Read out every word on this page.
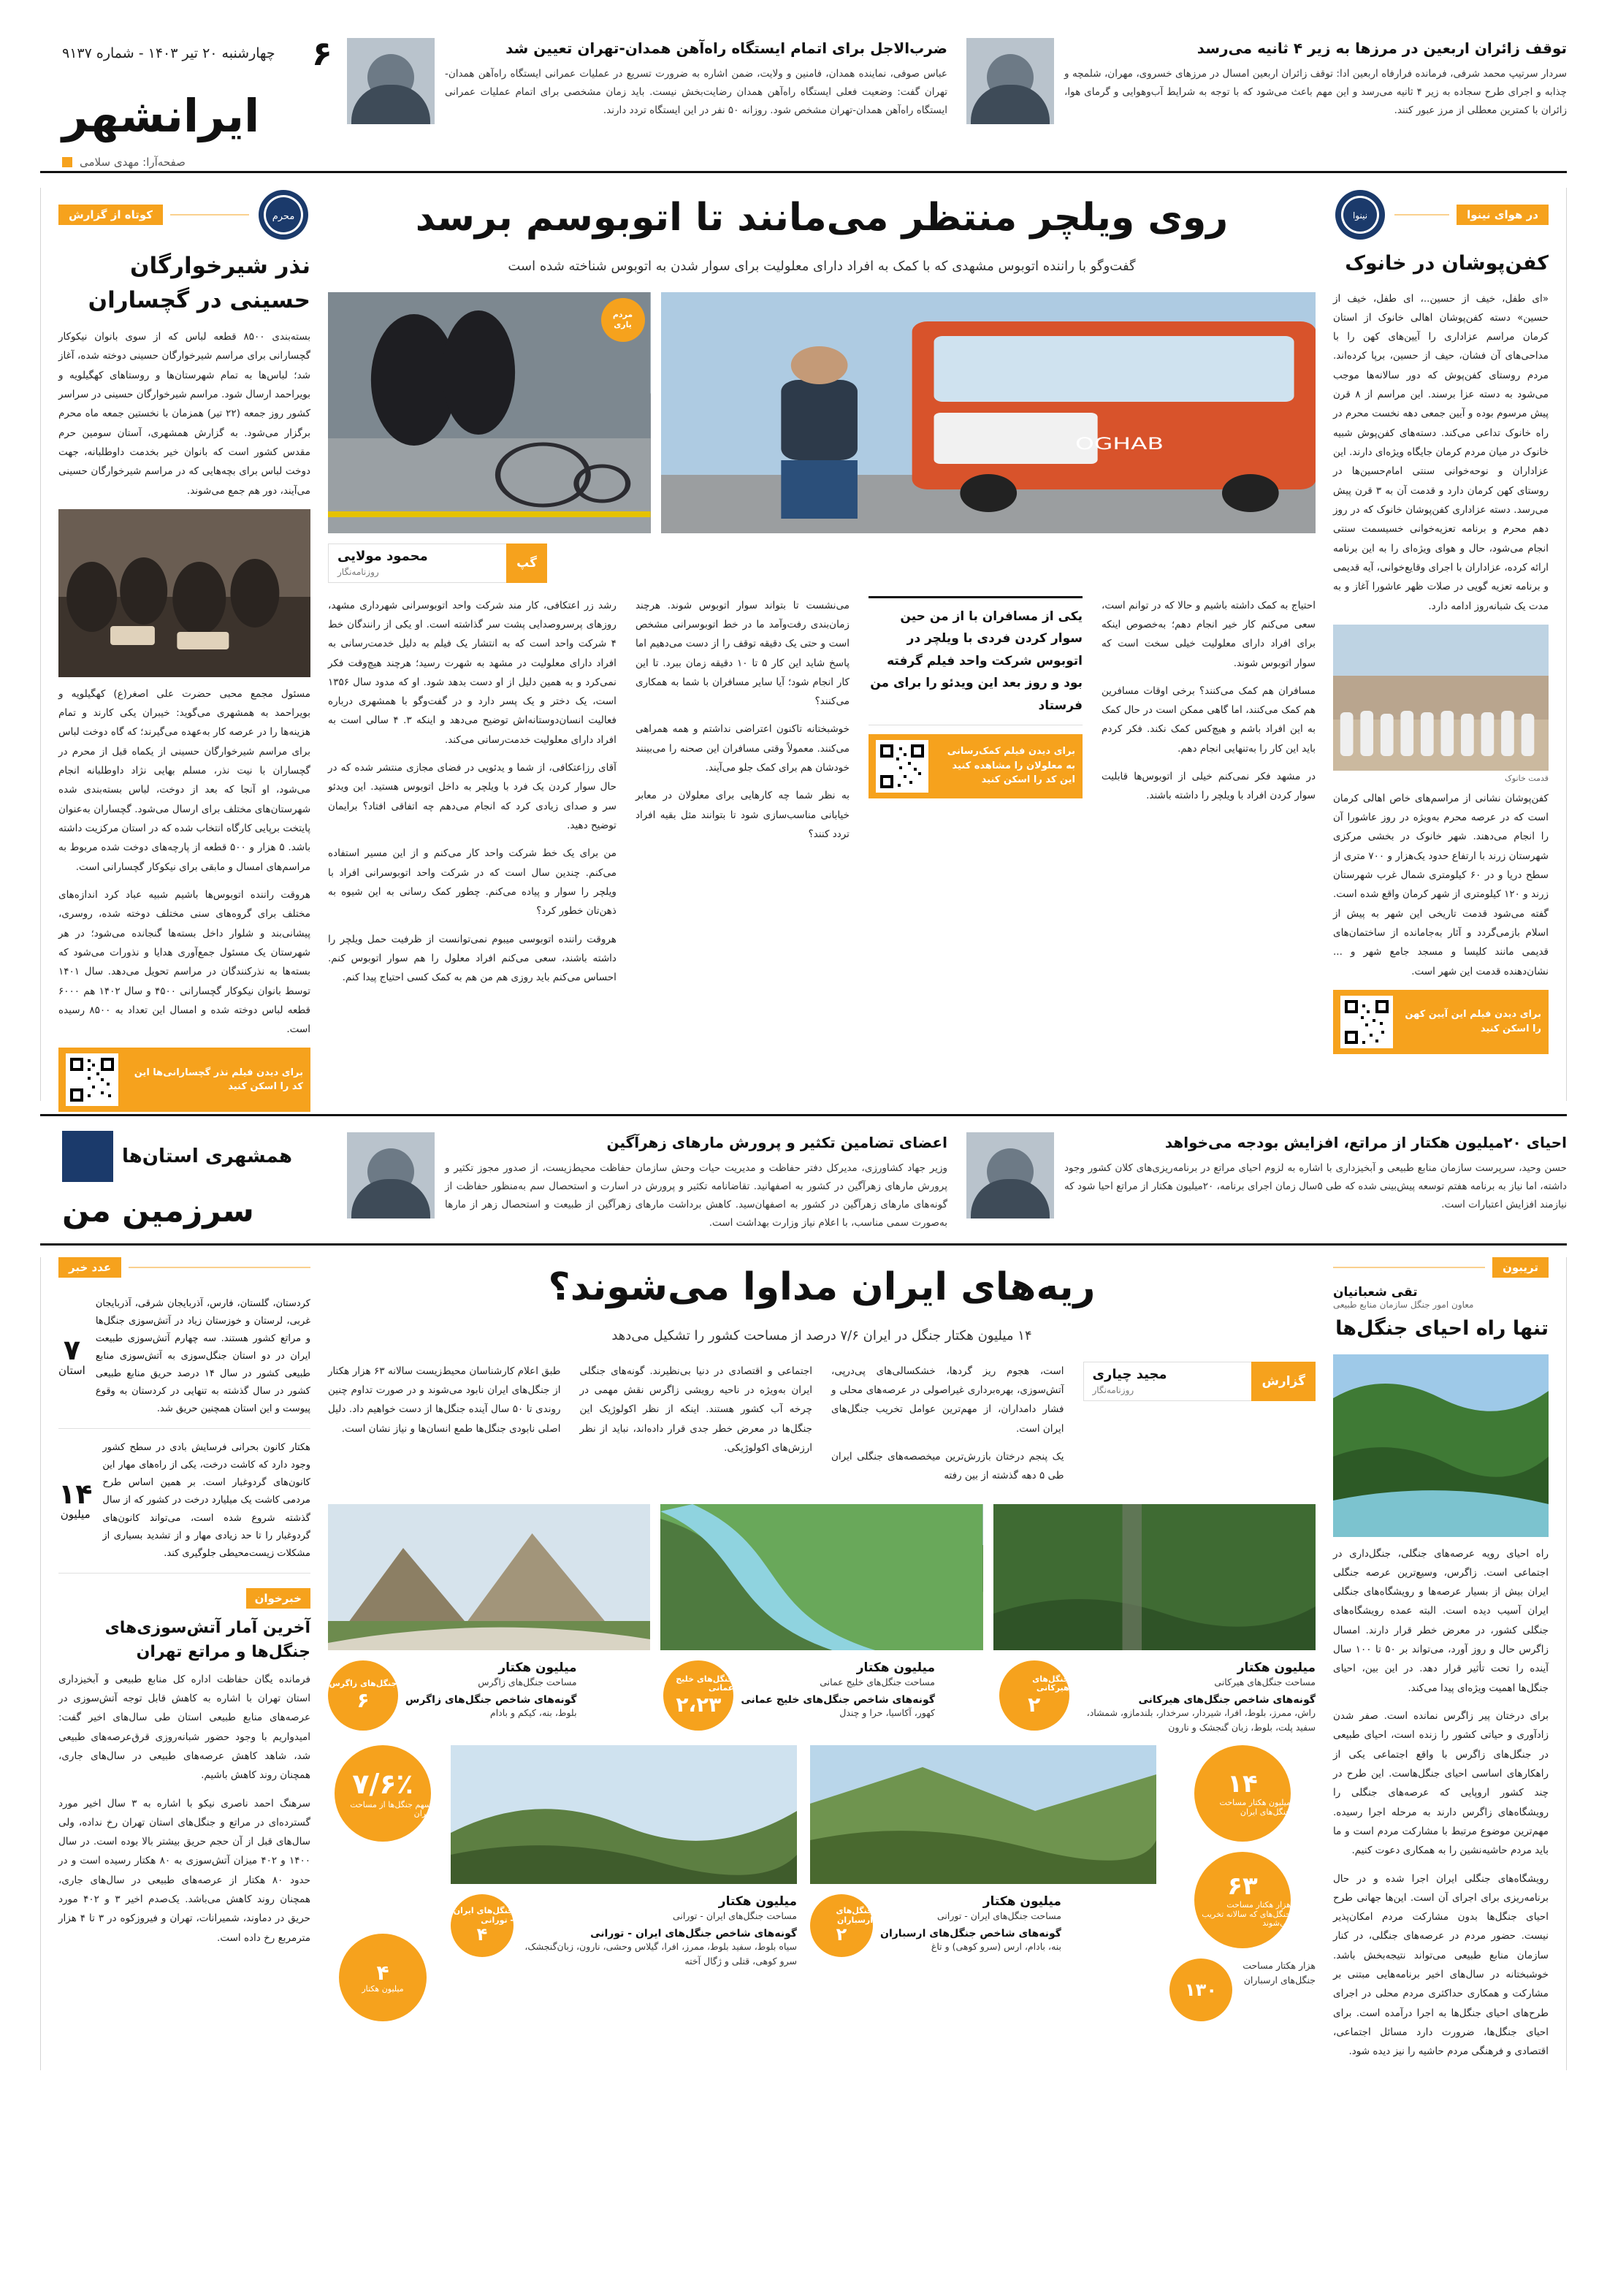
۶
چهارشنبه ۲۰ تیر ۱۴۰۳ - شماره ۹۱۳۷
ایرانشهر
صفحه‌آرا: مهدی سلامی
ضرب‌الاجل برای اتمام ایستگاه راه‌آهن همدان-تهران تعیین شد

عباس صوفی، نماینده همدان، فامنین و ولایت، ضمن اشاره به ضرورت تسریع در عملیات عمرانی ایستگاه راه‌آهن همدان-تهران گفت: وضعیت فعلی ایستگاه راه‌آهن همدان رضایت‌بخش نیست. باید زمان مشخصی برای اتمام عملیات عمرانی ایستگاه راه‌آهن همدان-تهران مشخص شود. روزانه ۵۰ نفر در این ایستگاه تردد دارند.

توقف زائران اربعین در مرزها به زیر ۴ ثانیه می‌رسد

سردار سرتیپ محمد شرفی، فرمانده فرارفاه اربعین ادا: توقف زائران اربعین امسال در مرزهای خسروی، مهران، شلمچه و چذابه و اجرای طرح سجاده به زیر ۴ ثانیه می‌رسد و این مهم باعث می‌شود که با توجه به شرایط آب‌وهوایی و گرمای هوا، زائران با کمترین معطلی از مرز عبور کنند.

کوتاه از گزارش	محرم
نذر شیرخوارگان حسینی در گچساران

بسته‌بندی ۸۵۰۰ قطعه لباس که از سوی بانوان نیکوکار گچسارانی برای مراسم شیرخوارگان حسینی دوخته شده، آغاز شد؛ لباس‌ها به تمام شهرستان‌ها و روستاهای کهگیلویه و بویراحمد ارسال شود. مراسم شیرخوارگان حسینی در سراسر کشور روز جمعه (۲۲ تیر) همزمان با نخستین جمعه ماه محرم برگزار می‌شود. به گزارش همشهری، آستان سومین حرم مقدس کشور است که بانوان خیر بخدمت داوطلبانه، جهت دوخت لباس برای بچه‌هایی که در مراسم شیرخوارگان حسینی می‌آیند، دور هم جمع می‌شوند.

مسئول مجمع محبی حضرت علی اصغر(ع) کهگیلویه و بویراحمد به همشهری می‌گوید: خیبران یکی کارند و تمام هزینه‌ها را در عرصه کار به‌عهده می‌گیرند؛ که گاه دوخت لباس برای مراسم شیرخوارگان حسینی از یکماه قبل از محرم در گچساران با نیت نذر، مسلم بهایی نژاد داوطلبانه انجام می‌شود، او آنجا که بعد از دوخت، لباس بسته‌بندی شده شهرستان‌های مختلف برای ارسال می‌شود. گچساران به‌عنوان پایتخت برپایی کارگاه انتخاب شده که در استان مرکزیت داشته باشد. ۵ هزار و ۵۰۰ قطعه از پارچه‌های دوخت شده مربوط به مراسم‌های امسال و مابقی برای نیکوکار گچسارانی است.

هروقت راننده اتوبوس‌ها باشیم شبیه عباد کرد اندازه‌های مختلف برای گروه‌های سنی مختلف دوخته شده، روسری، پیشانی‌بند و شلوار داخل بسته‌ها گنجانده می‌شود؛ در هر شهرستان یک مسئول جمع‌آوری هدایا و نذورات می‌شود که بسته‌ها به نذرکنندگان در مراسم تحویل می‌دهد. سال ۱۴۰۱ توسط بانوان نیکوکار گچسارانی ۴۵۰۰ و سال ۱۴۰۲ هم ۶۰۰۰ قطعه لباس دوخته شده و امسال این تعداد به ۸۵۰۰ رسیده است.

برای دیدن فیلم نذر گچسارانی‌ها این کد را اسکن کنید
روی ویلچر منتظر می‌مانند تا اتوبوسم برسد
گفت‌وگو با راننده اتوبوس مشهدی که با کمک به افراد دارای معلولیت برای سوار شدن به اتوبوس شناخته شده است
مردم یاری
OGHAB
محمود مولایی
روزنامه‌نگار
گپ

رشد زر اعتکافی، کار مند شرکت واحد اتوبوسرانی شهرداری مشهد، روزهای پرسروصدایی پشت سر گذاشته است. او یکی از رانندگان خط ۴ شرکت واحد است که به انتشار یک فیلم به دلیل خدمت‌رسانی به افراد دارای معلولیت در مشهد به شهرت رسید؛ هرچند هیچ‌وقت فکر نمی‌کرد و به همین دلیل از او دست بدهد شود. او که مدود سال ۱۳۵۶ است، یک دختر و یک پسر دارد و در گفت‌وگو با همشهری درباره فعالیت انسان‌دوستانه‌اش توضیح می‌دهد و اینکه ۳. ۴ سالی است به افراد دارای معلولیت خدمت‌رسانی می‌کند.

آقای رزاعتکافی، از شما و یدئویی در فضای مجازی منتشر شده که در حال سوار کردن یک فرد با ویلچر به داخل اتوبوس هستید. این ویدئو سر و صدای زیادی کرد که انجام می‌دهم چه اتفاقی افتاد؟ برایمان توضیح دهید.

من برای یک خط شرکت واحد کار می‌کنم و از این مسیر استفاده می‌کنم. چندین سال است که در شرکت واحد اتوبوسرانی افراد با ویلچر را سوار و پیاده می‌کنم. چطور کمک رسانی به این شیوه به ذهن‌تان خطور کرد؟

هروقت راننده اتوبوسی میبوم نمی‌توانست از ظرفیت حمل ویلچر را داشته باشند، سعی می‌کنم افراد معلول را هم سوار اتوبوس کنم. احساس می‌کنم باید روزی هم من هم به کمک کسی احتیاج پیدا کنم.

می‌نشست تا بتواند سوار اتوبوس شوند. هرچند زمان‌بندی رفت‌وآمد ما در خط اتوبوسرانی مشخص است و حتی یک دقیقه توقف را از دست می‌دهیم اما پاسخ شاید این کار ۵ تا ۱۰ دقیقه زمان ببرد. تا این کار انجام شود؛ آیا سایر مسافران با شما به همکاری می‌کنند؟

خوشبختانه تاکنون اعتراضی نداشتم و همه همراهی می‌کنند. معمولاً وقتی مسافران این صحنه را می‌بینند خودشان هم برای کمک جلو می‌آیند.

به نظر شما چه کارهایی برای معلولان در معابر خیابانی مناسب‌سازی شود تا بتوانند مثل بقیه افراد تردد کنند؟

یکی از مسافران با از من حین سوار کردن فردی با ویلچر در اتوبوس شرکت واحد فیلم گرفته بود و روز بعد این ویدئو را برای من فرستاد
برای دیدن فیلم کمک‌رسانی به معلولان را مشاهده کنید این کد را اسکن کنید

احتیاج به کمک داشته باشیم و حالا که در توانم است، سعی می‌کنم کار خیر انجام دهم؛ به‌خصوص اینکه برای افراد دارای معلولیت خیلی سخت است که سوار اتوبوس شوند.

مسافران هم کمک می‌کنند؟ برخی اوقات مسافرین هم کمک می‌کنند، اما گاهی ممکن است در حال کمک به این افراد باشم و هیچ‌کس کمک نکند. فکر کردم باید این کار را به‌تنهایی انجام دهم.

در مشهد فکر نمی‌کنم خیلی از اتوبوس‌ها قابلیت سوار کردن افراد با ویلچر را داشته باشند.

نینوا	در هوای نینوا
کفن‌پوشان در خانوک

«ای طفل، خیف از حسین..، ای طفل، خیف از حسین» دسته کفن‌پوشان اهالی خانوک از استان کرمان مراسم عزاداری را آیین‌های کهن را با مداحی‌های آن فشان، حیف از حسین، برپا کرده‌اند. مردم روستای کفن‌پوش که دور سالانه‌ها موجب می‌شود به دسته عزا برسند. این مراسم از ۸ قرن پیش مرسوم بوده و آیین جمعی دهه نخست محرم در راه خانوک تداعی می‌کند. دسته‌های کفن‌پوش شبیه خانوک در میان مردم کرمان جایگاه ویژه‌ای دارند. این عزاداران و نوحه‌خوانی سنتی امام‌حسین‌ها در روستای کهن کرمان دارد و قدمت آن به ۳ قرن پیش می‌رسد. دسته عزاداری کفن‌پوشان خانوک که در روز دهم محرم و برنامه تعزیه‌خوانی خسیسمت سنتی انجام می‌شود، حال و هوای ویژه‌ای را به این برنامه ارائه کرده، عزاداران با اجرای وقایع‌خوانی، آیه قدیمی و برنامه تعزیه گویی در صلات ظهر عاشورا آغاز و به مدت یک شبانه‌روز ادامه دارد.

قدمت خانوک

کفن‌پوشان نشانی از مراسم‌های خاص اهالی کرمان است که در عرصه محرم به‌ویژه در روز عاشورا آن را انجام می‌دهند. شهر خانوک در بخشی مرکزی شهرستان زرند با ارتفاع حدود یک‌هزار و ۷۰۰ متری از سطح دریا و در ۶۰ کیلومتری شمال غرب شهرستان زرند و ۱۲۰ کیلومتری از شهر کرمان واقع شده است. گفته می‌شود قدمت تاریخی این شهر به پیش از اسلام بازمی‌گردد و آثار به‌جامانده از ساختمان‌های قدیمی مانند کلیسا و مسجد جامع شهر و ... نشان‌دهنده قدمت این شهر است.

برای دیدن فیلم این آیین کهن را اسکن کنید
همشهری استان‌ها
سرزمین من
اعضای تضامین تکثیر و پرورش مارهای زهرآگین

وزیر جهاد کشاورزی، مدیرکل دفتر حفاظت و مدیریت حیات وحش سازمان حفاظت محیط‌زیست، از صدور مجوز تکثیر و پرورش مارهای زهرآگین در کشور به اصفهانید. تقاضانامه تکثیر و پرورش در اسارت و استحصال سم به‌منظور حفاظت از گونه‌های مارهای زهرآگین در کشور به اصفهان‌سید. کاهش برداشت مارهای زهرآگین از طبیعت و استحصال زهر از مارها به‌صورت سمی مناسب، با اعلام نیاز وزارت بهداشت است.

احیای ۲۰میلیون هکتار از مراتع، افزایش بودجه می‌خواهد

حسن وحید، سرپرست سازمان منابع طبیعی و آبخیزداری با اشاره به لزوم احیای مراتع در برنامه‌ریزی‌های کلان کشور وجود داشته، اما نیاز به برنامه هفتم توسعه پیش‌بینی شده که طی ۵سال زمان اجرای برنامه، ۲۰میلیون هکتار از مراتع احیا شود که نیازمند افزایش اعتبارات است.

عدد خبر
۷
استان
کردستان، گلستان، فارس، آذربایجان شرقی، آذربایجان غربی، لرستان و خوزستان زیاد در آتش‌سوزی جنگل‌ها و مراتع کشور هستند. سه چهارم آتش‌سوزی طبیعت ایران در دو استان جنگل‌سوزی به آتش‌سوزی منابع طبیعی کشور در سال ۱۴ درصد حریق منابع طبیعی کشور در سال گذشته به تنهایی در کردستان به وقوع پیوست و این استان همچنین حریق شد.
۱۴
میلیون
هکتار کانون بحرانی فرسایش بادی در سطح کشور وجود دارد که کاشت درخت، یکی از راه‌های مهار این کانون‌های گردوغبار است. بر همین اساس طرح مردمی کاشت یک میلیارد درخت در کشور که از سال گذشته شروع شده است، می‌تواند کانون‌های گردوغبار را تا حد زیادی مهار و از تشدید بسیاری از مشکلات زیست‌محیطی جلوگیری کند.
خبرخوان
آخرین آمار آتش‌سوزی‌های جنگل‌ها و مراتع تهران

فرمانده یگان حفاظت اداره کل منابع طبیعی و آبخیزداری استان تهران با اشاره به کاهش قابل توجه آتش‌سوزی در عرصه‌های منابع طبیعی استان طی سال‌های اخیر گفت: امیدواریم با وجود حضور شبانه‌روزی قرق‌عرصه‌های طبیعی شد، شاهد کاهش عرصه‌های طبیعی در سال‌های جاری، همچنان روند کاهش باشیم.

سرهنگ احمد ناصری نیکو با اشاره به ۳ سال اخیر مورد گسترده‌ای در مراتع و جنگل‌های استان تهران رخ نداده، ولی سال‌های قبل از آن حجم حریق بیشتر بالا بوده است. در سال ۱۴۰۰ و ۴۰۲ میزان آتش‌سوزی به ۸۰ هکتار رسیده است و در حدود ۸۰ هکتار از عرصه‌های طبیعی در سال‌های جاری، همچنان روند کاهش می‌باشد. یک‌صدم اخیر ۳ و ۴۰۲ مورد حریق در دماوند، شمیرانات، تهران و فیروزکوه در ۳ تا ۴ هزار مترمربع رخ داده است.

ریه‌های ایران مداوا می‌شوند؟
۱۴ میلیون هکتار جنگل در ایران ۷/۶ درصد از مساحت کشور را تشکیل می‌دهد

طبق اعلام کارشناسان محیط‌زیست سالانه ۶۳ هزار هکتار از جنگل‌های ایران نابود می‌شوند و در صورت تداوم چنین روندی تا ۵۰ سال آینده جنگل‌ها از دست خواهیم داد. دلیل اصلی نابودی جنگل‌ها طمع انسان‌ها و نیاز نشان است.

اجتماعی و اقتصادی در دنیا بی‌نظیرند. گونه‌های جنگلی ایران به‌ویژه در ناحیه رویشی زاگرس نقش مهمی در چرخه آب کشور هستند. اینکه از نظر اکولوژیک این جنگل‌ها در معرض خطر جدی قرار داده‌اند، نباید از نظر ارزش‌های اکولوژیکی.

است، هجوم ریز گردها، خشکسالی‌های پی‌در‌پی، آتش‌سوزی، بهره‌برداری غیراصولی در عرصه‌های محلی و فشار دامداران، از مهم‌ترین عوامل تخریب جنگل‌های ایران است.

یک پنجم درختان بازرش‌ترین میخصصه‌های جنگلی ایران طی ۵ دهه گذشته از بین رفته

مجید چیاری
روزنامه‌نگار
گزارش
جنگل‌های زاگرس
۶
میلیون هکتار
مساحت جنگل‌های زاگرس
گونه‌های شاخص جنگل‌های زاگرس
بلوط، بنه، کیکم و بادام
جنگل‌های خلیج عمانی
۲،۲۳
میلیون هکتار
مساحت جنگل‌های خلیج عمانی
گونه‌های شاخص جنگل‌های خلیج عمانی
کهور، آکاسیا، حرا و چندل
جنگل‌های هیرکانی
۲
میلیون هکتار
مساحت جنگل‌های هیرکانی
گونه‌های شاخص جنگل‌های هیرکانی
راش، ممرز، بلوط، افرا، شیردار، سرخدار، بلندمازو، شمشاد، سفید پلت، بلوط، زبان گنجشک و نارون
۷/۶٪
سهم جنگل‌ها از مساحت ایران
۴
میلیون هکتار
جنگل‌های ایران - تورانی
۴
میلیون هکتار
مساحت جنگل‌های ایران - تورانی
گونه‌های شاخص جنگل‌های ایران - تورانی
سیاه بلوط، سفید بلوط، ممرز، افرا، گیلاس وحشی، نارون، زبان‌گنجشک، سرو کوهی، قتلی و ژگال آخته
جنگل‌های ارسباران
۲
میلیون هکتار
مساحت جنگل‌های ایران - تورانی
گونه‌های شاخص جنگل‌های ارسباران
بنه، بادام، ارس (سرو کوهی) و تاغ
۱۴
میلیون هکتار مساحت جنگل‌های ایران
۶۳
هزار هکتار مساحت جنگل‌های که سالانه تخریب می‌شوند
۱۳۰
هزار هکتار مساحت جنگل‌های ارسباران
تریبون
تقی شعبانیان
معاون امور جنگل سازمان منابع طبیعی
تنها راه احیای جنگل‌ها

راه احیای رویه عرصه‌های جنگلی، جنگل‌داری در اجتماعی است. زاگرس، وسیع‌ترین عرصه جنگلی ایران بیش از بسیار عرصه‌ها و رویشگاه‌های جنگلی ایران آسیب دیده است. البته عمده رویشگاه‌های جنگلی کشور، در معرض خطر قرار دارند. امسال زاگرس حال و روز آورد، می‌تواند بر ۵۰ تا ۱۰۰ سال آینده را تحت تأثیر قرار دهد. در این بین، احیای جنگل‌ها اهمیت ویژه‌ای پیدا می‌کند.

برای درختان پیر زاگرس نمانده است. صفر شدن زاد‌آوری و حیاتی کشور را زنده است، احیای طبیعی در جنگل‌های زاگرس با واقع اجتماعی یکی از راهکارهای اساسی احیای جنگل‌هاست. این طرح در چند کشور اروپایی که عرصه‌های جنگلی را رویشگاه‌های زاگرس دارند به مرحله اجرا رسیده. مهم‌ترین موضوع مرتبط با مشارکت مردم است و ما باید مردم حاشیه‌نشین را به همکاری دعوت کنیم.

رویشگاه‌های جنگلی ایران اجرا شده و در حال برنامه‌ریزی برای اجرای آن است. این‌ها جهانی طرح احیای جنگل‌ها بدون مشارکت مردم امکان‌پذیر نیست. حضور مردم در عرصه‌های جنگلی، در کنار سازمان منابع طبیعی می‌تواند نتیجه‌بخش باشد. خوشبختانه در سال‌های اخیر برنامه‌هایی مبتنی بر مشارکت و همکاری حداکثری مردم محلی در اجرای طرح‌های احیای جنگل‌ها به اجرا درآمده است. برای احیای جنگل‌ها، ضرورت دارد مسائل اجتماعی، اقتصادی و فرهنگی مردم حاشیه را نیز دیده شود.
